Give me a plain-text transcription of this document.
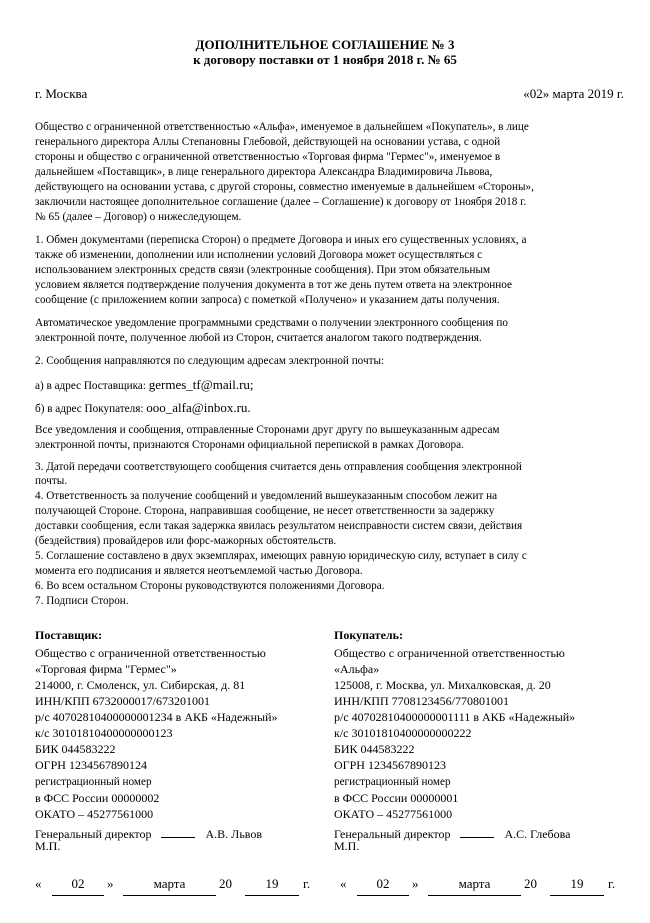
ДОПОЛНИТЕЛЬНОЕ СОГЛАШЕНИЕ № 3
к договору поставки от 1 ноября 2018 г. № 65
г. Москва	«02» марта 2019 г.
Общество с ограниченной ответственностью «Альфа», именуемое в дальнейшем «Покупатель», в лице
генерального директора Аллы Степановны Глебовой, действующей на основании устава, с одной
стороны и общество с ограниченной ответственностью «Торговая фирма "Гермес"», именуемое в
дальнейшем «Поставщик», в лице генерального директора Александра Владимировича Львова,
действующего на основании устава, с другой стороны, совместно именуемые в дальнейшем «Стороны»,
заключили настоящее дополнительное соглашение (далее – Соглашение) к договору от 1ноября 2018 г.
№ 65 (далее – Договор) о нижеследующем.
1. Обмен документами (переписка Сторон) о предмете Договора и иных его существенных условиях, а
также об изменении, дополнении или исполнении условий Договора может осуществляться с
использованием электронных средств связи (электронные сообщения). При этом обязательным
условием является подтверждение получения документа в тот же день путем ответа на электронное
сообщение (с приложением копии запроса) с пометкой «Получено» и указанием даты получения.
Автоматическое уведомление программными средствами о получении электронного сообщения по
электронной почте, полученное любой из Сторон, считается аналогом такого подтверждения.
2. Сообщения направляются по следующим адресам электронной почты:
а) в адрес Поставщика: germes_tf@mail.ru;
б) в адрес Покупателя: ooo_alfa@inbox.ru.
Все уведомления и сообщения, отправленные Сторонами друг другу по вышеуказанным адресам
электронной почты, признаются Сторонами официальной перепиской в рамках Договора.
3. Датой передачи соответствующего сообщения считается день отправления сообщения электронной
почты.
4. Ответственность за получение сообщений и уведомлений вышеуказанным способом лежит на
получающей Стороне. Сторона, направившая сообщение, не несет ответственности за задержку
доставки сообщения, если такая задержка явилась результатом неисправности систем связи, действия
(бездействия) провайдеров или форс-мажорных обстоятельств.
5. Соглашение составлено в двух экземплярах, имеющих равную юридическую силу, вступает в силу с
момента его подписания и является неотъемлемой частью Договора.
6. Во всем остальном Стороны руководствуются положениями Договора.
7. Подписи Сторон.
Поставщик:
Общество с ограниченной ответственностью
«Торговая фирма "Гермес"»
214000, г. Смоленск, ул. Сибирская, д. 81
ИНН/КПП 6732000017/673201001
р/с 40702810400000001234 в АКБ «Надежный»
к/с 30101810400000000123
БИК 044583222
ОГРН 1234567890124
регистрационный номер
в ФСС России 00000002
ОКАТО – 45277561000
Генеральный директор	А.В. Львов
М.П.
Покупатель:
Общество с ограниченной ответственностью
«Альфа»
125008, г. Москва, ул. Михалковская, д. 20
ИНН/КПП 7708123456/770801001
р/с 40702810400000001111 в АКБ «Надежный»
к/с 30101810400000000222
БИК 044583222
ОГРН 1234567890123
регистрационный номер
в ФСС России 00000001
ОКАТО – 45277561000
Генеральный директор	А.С. Глебова
М.П.
«	02	»	марта	20	19	г. «	02	»	марта	20	19	г.
